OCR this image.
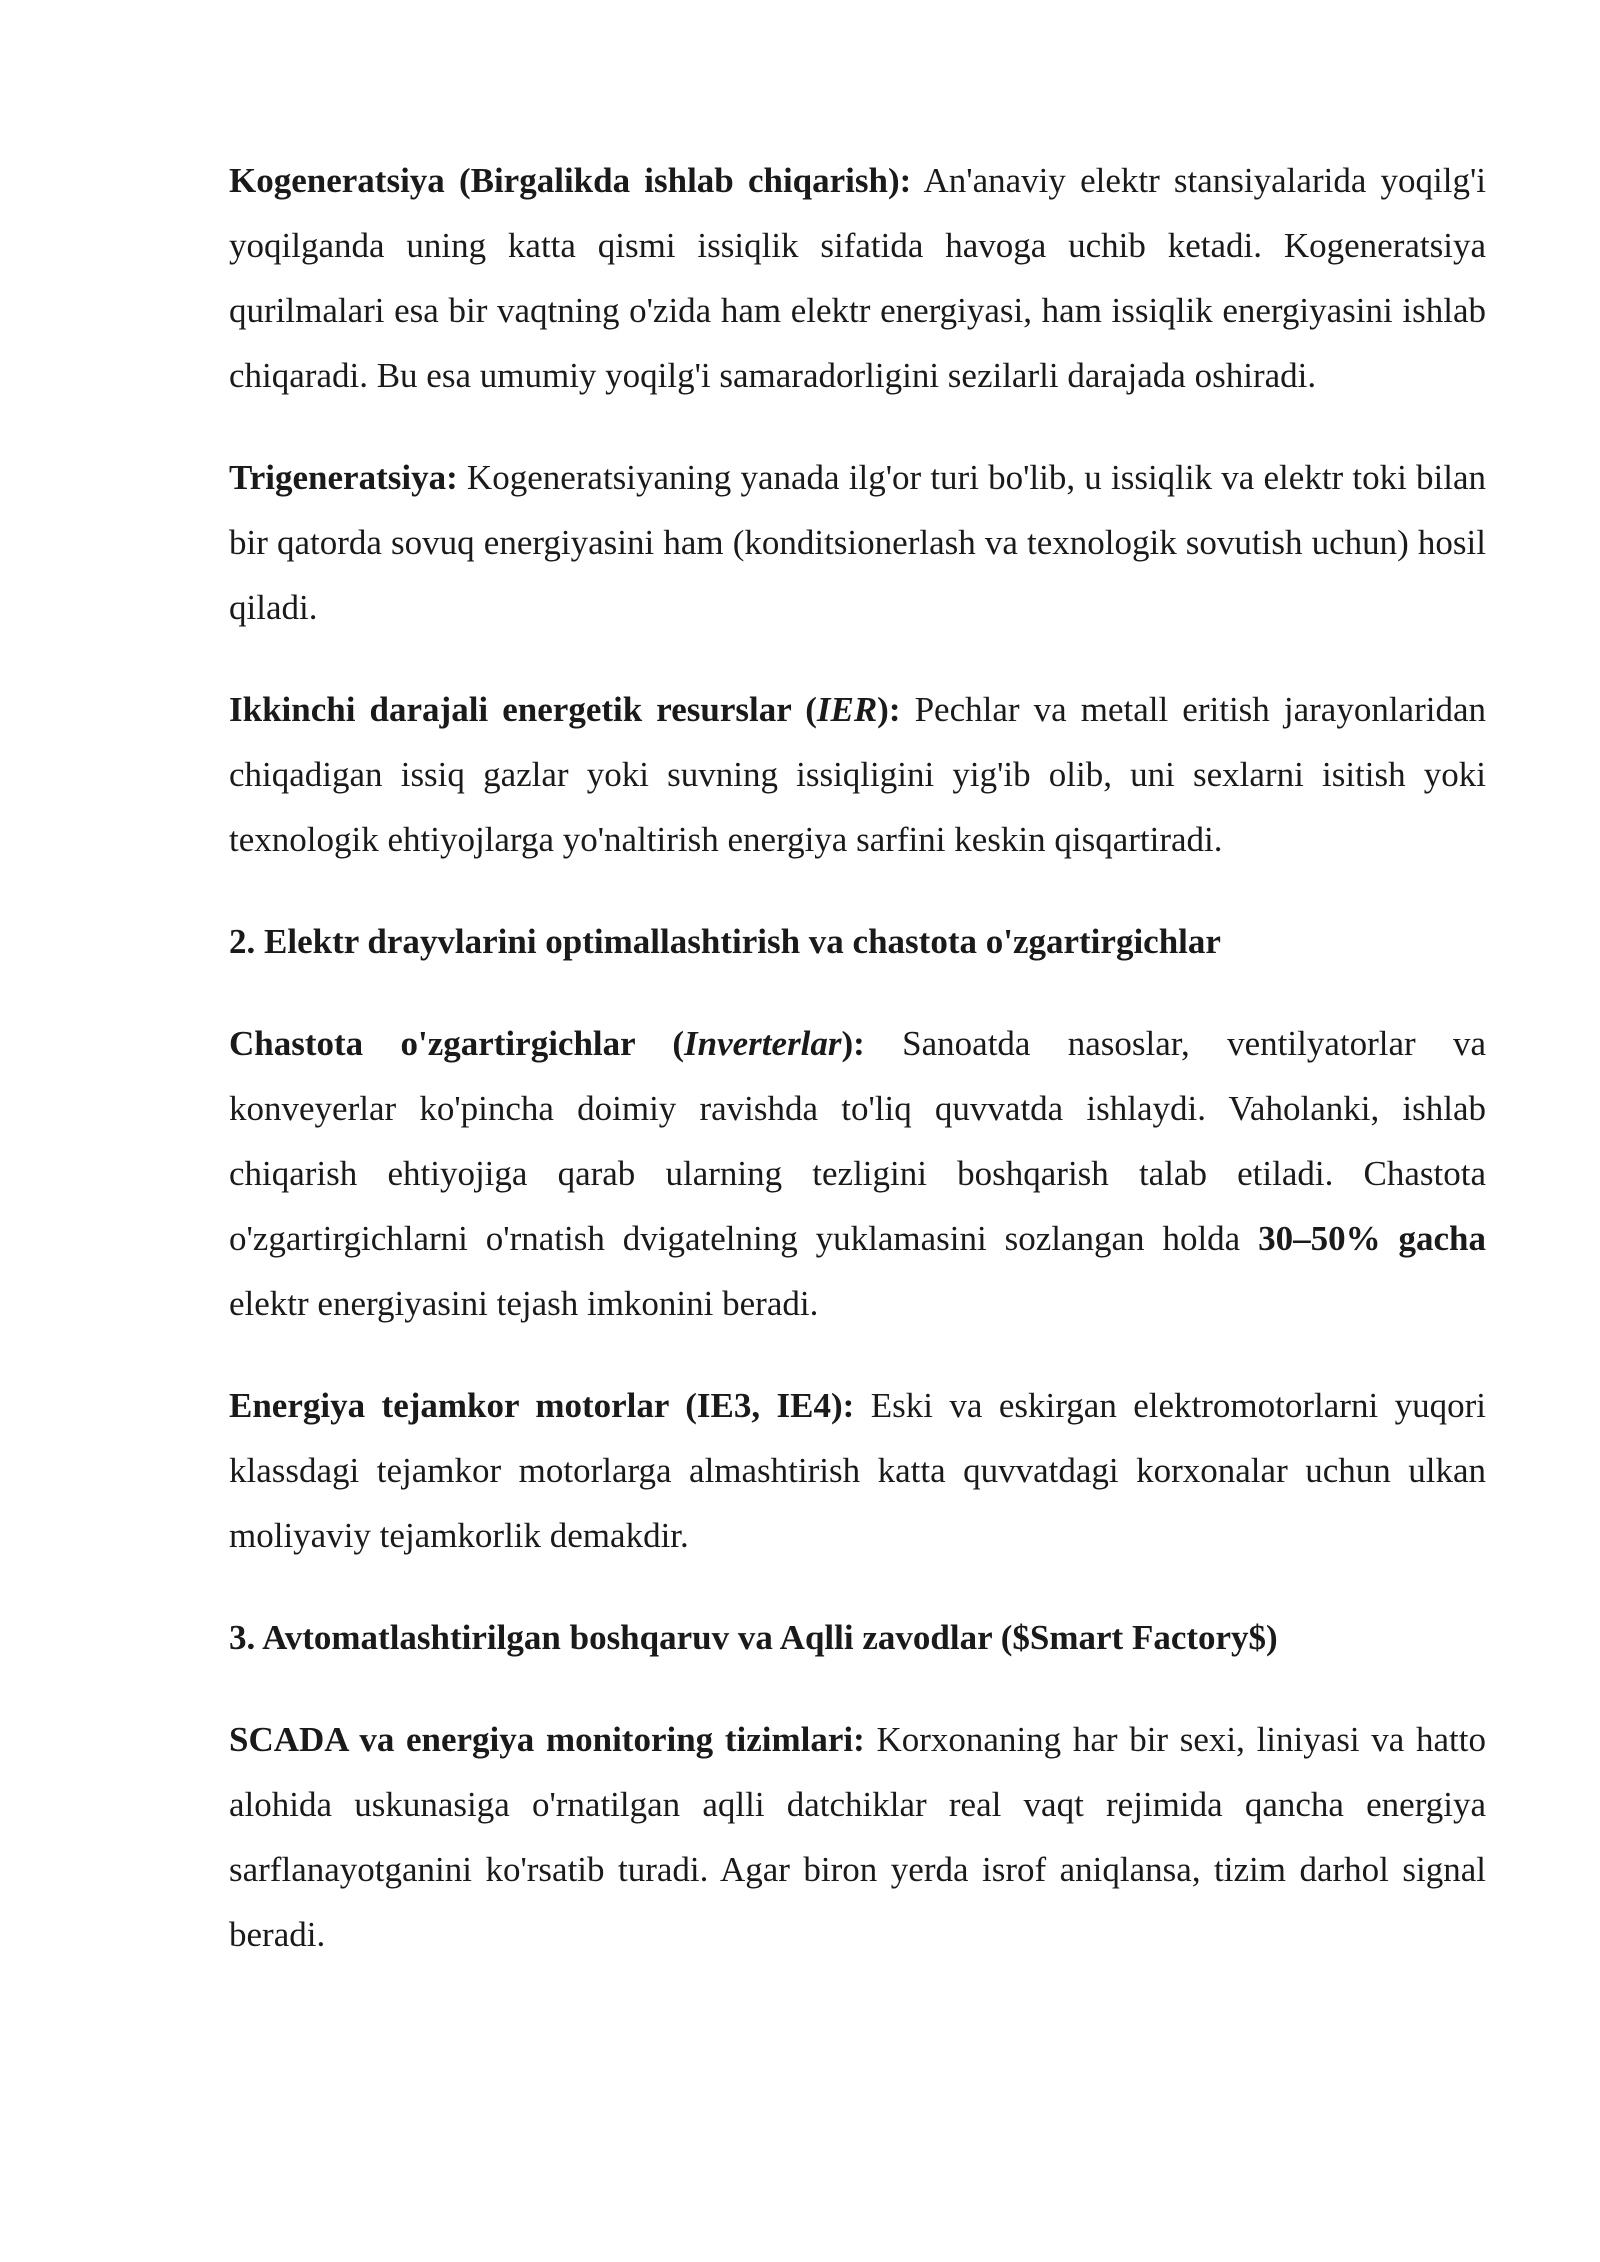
Kogeneratsiya (Birgalikda ishlab chiqarish): An'anaviy elektr stansiyalarida yoqilg'i yoqilganda uning katta qismi issiqlik sifatida havoga uchib ketadi. Kogeneratsiya qurilmalari esa bir vaqtning o'zida ham elektr energiyasi, ham issiqlik energiyasini ishlab chiqaradi. Bu esa umumiy yoqilg'i samaradorligini sezilarli darajada oshiradi.

Trigeneratsiya: Kogeneratsiyaning yanada ilg'or turi bo'lib, u issiqlik va elektr toki bilan bir qatorda sovuq energiyasini ham (konditsionerlash va texnologik sovutish uchun) hosil qiladi.

Ikkinchi darajali energetik resurslar (IER): Pechlar va metall eritish jarayonlaridan chiqadigan issiq gazlar yoki suvning issiqligini yig'ib olib, uni sexlarni isitish yoki texnologik ehtiyojlarga yo'naltirish energiya sarfini keskin qisqartiradi.

2. Elektr drayvlarini optimallashtirish va chastota o'zgartirgichlar

Chastota o'zgartirgichlar (Inverterlar): Sanoatda nasoslar, ventilyatorlar va konveyerlar ko'pincha doimiy ravishda to'liq quvvatda ishlaydi. Vaholanki, ishlab chiqarish ehtiyojiga qarab ularning tezligini boshqarish talab etiladi. Chastota o'zgartirgichlarni o'rnatish dvigatelning yuklamasini sozlangan holda 30–50% gacha elektr energiyasini tejash imkonini beradi.

Energiya tejamkor motorlar (IE3, IE4): Eski va eskirgan elektromotorlarni yuqori klassdagi tejamkor motorlarga almashtirish katta quvvatdagi korxonalar uchun ulkan moliyaviy tejamkorlik demakdir.

3. Avtomatlashtirilgan boshqaruv va Aqlli zavodlar ($Smart Factory$)

SCADA va energiya monitoring tizimlari: Korxonaning har bir sexi, liniyasi va hatto alohida uskunasiga o'rnatilgan aqlli datchiklar real vaqt rejimida qancha energiya sarflanayotganini ko'rsatib turadi. Agar biron yerda isrof aniqlansa, tizim darhol signal beradi.
